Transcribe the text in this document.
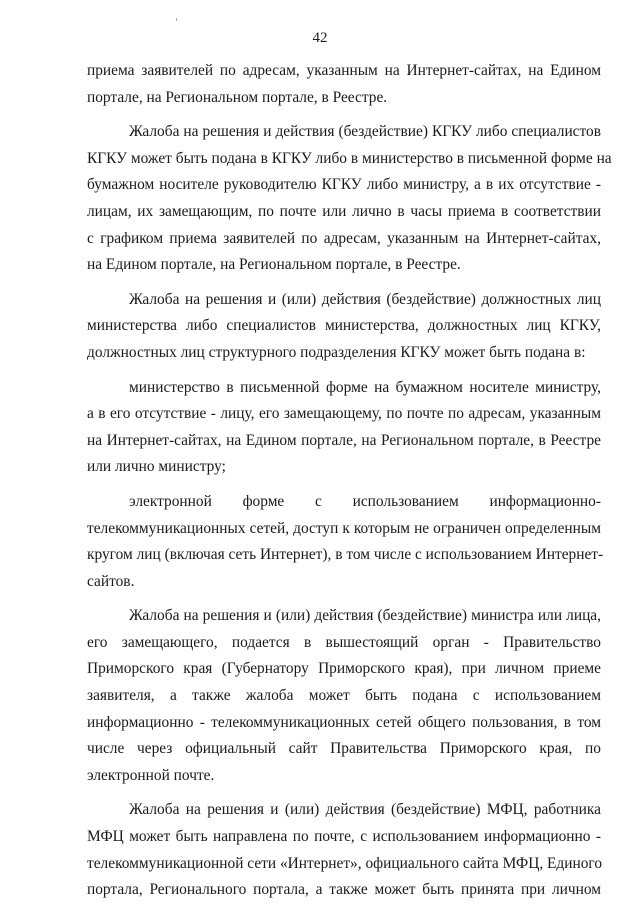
42
приема заявителей по адресам, указанным на Интернет-сайтах, на Едином
портале, на Региональном портале, в Реестре.
Жалоба на решения и действия (бездействие) КГКУ либо специалистов
КГКУ может быть подана в КГКУ либо в министерство в письменной форме на
бумажном носителе руководителю КГКУ либо министру, а в их отсутствие -
лицам, их замещающим, по почте или лично в часы приема в соответствии
с графиком приема заявителей по адресам, указанным на Интернет-сайтах,
на Едином портале, на Региональном портале, в Реестре.
Жалоба на решения и (или) действия (бездействие) должностных лиц
министерства либо специалистов министерства, должностных лиц КГКУ,
должностных лиц структурного подразделения КГКУ может быть подана в:
министерство в письменной форме на бумажном носителе министру,
а в его отсутствие - лицу, его замещающему, по почте по адресам, указанным
на Интернет-сайтах, на Едином портале, на Региональном портале, в Реестре
или лично министру;
электронной форме с использованием информационно-
телекоммуникационных сетей, доступ к которым не ограничен определенным
кругом лиц (включая сеть Интернет), в том числе с использованием Интернет-
сайтов.
Жалоба на решения и (или) действия (бездействие) министра или лица,
его замещающего, подается в вышестоящий орган - Правительство
Приморского края (Губернатору Приморского края), при личном приеме
заявителя, а также жалоба может быть подана с использованием
информационно - телекоммуникационных сетей общего пользования, в том
числе через официальный сайт Правительства Приморского края, по
электронной почте.
Жалоба на решения и (или) действия (бездействие) МФЦ, работника
МФЦ может быть направлена по почте, с использованием информационно -
телекоммуникационной сети «Интернет», официального сайта МФЦ, Единого
портала, Регионального портала, а также может быть принята при личном
